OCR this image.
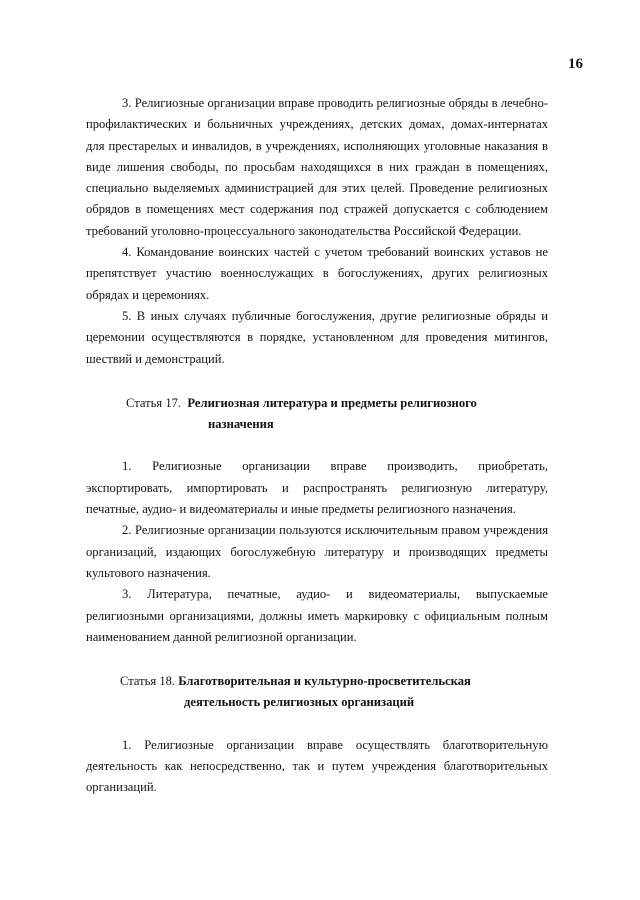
16

3. Религиозные организации вправе проводить религиозные обряды в лечебно-профилактических и больничных учреждениях, детских домах, домах-интернатах для престарелых и инвалидов, в учреждениях, исполняющих уголовные наказания в виде лишения свободы, по просьбам находящихся в них граждан в помещениях, специально выделяемых администрацией для этих целей. Проведение религиозных обрядов в помещениях мест содержания под стражей допускается с соблюдением требований уголовно-процессуального законодательства Российской Федерации.

4. Командование воинских частей с учетом требований воинских уставов не препятствует участию военнослужащих в богослужениях, других религиозных обрядах и церемониях.

5. В иных случаях публичные богослужения, другие религиозные обряды и церемонии осуществляются в порядке, установленном для проведения митингов, шествий и демонстраций.

Статья 17. Религиозная литература и предметы религиозного
назначения

1. Религиозные организации вправе производить, приобретать, экспортировать, импортировать и распространять религиозную литературу, печатные, аудио- и видеоматериалы и иные предметы религиозного назначения.

2. Религиозные организации пользуются исключительным правом учреждения организаций, издающих богослужебную литературу и производящих предметы культового назначения.

3. Литература, печатные, аудио- и видеоматериалы, выпускаемые религиозными организациями, должны иметь маркировку с официальным полным наименованием данной религиозной организации.

Статья 18. Благотворительная и культурно-просветительская
деятельность религиозных организаций

1. Религиозные организации вправе осуществлять благотворительную деятельность как непосредственно, так и путем учреждения благотворительных организаций.
